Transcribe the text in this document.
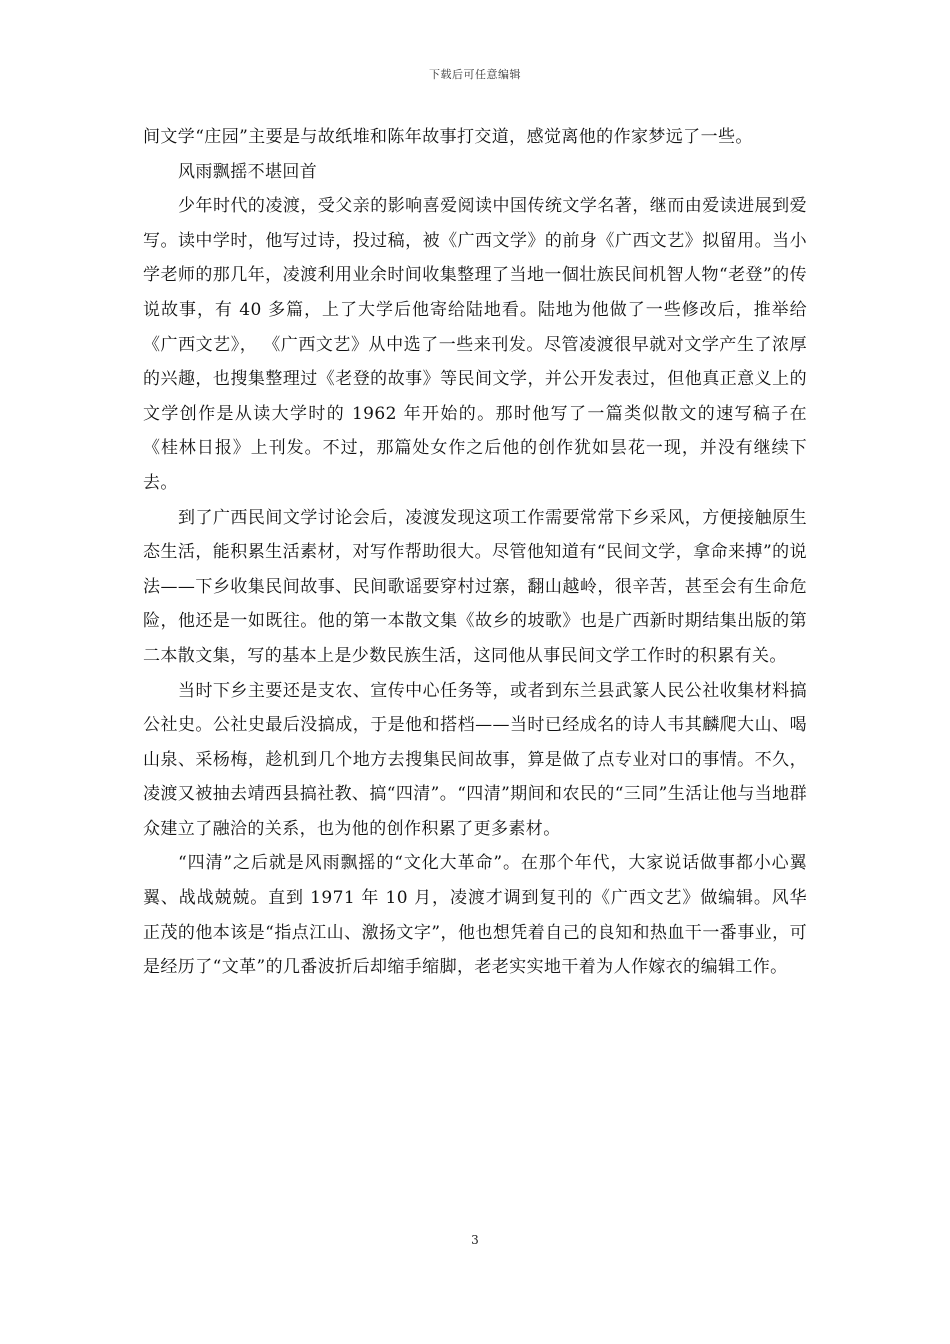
下载后可任意编辑

间文学“庄园”主要是与故纸堆和陈年故事打交道，感觉离他的作家梦远了一些。

风雨飘摇不堪回首

少年时代的凌渡，受父亲的影响喜爱阅读中国传统文学名著，继而由爱读进展到爱写。读中学时，他写过诗，投过稿，被《广西文学》的前身《广西文艺》拟留用。当小学老师的那几年，凌渡利用业余时间收集整理了当地一個壮族民间机智人物“老登”的传说故事，有 40 多篇，上了大学后他寄给陆地看。陆地为他做了一些修改后，推举给《广西文艺》， 《广西文艺》从中选了一些来刊发。尽管凌渡很早就对文学产生了浓厚的兴趣，也搜集整理过《老登的故事》等民间文学，并公开发表过，但他真正意义上的文学创作是从读大学时的 1962 年开始的。那时他写了一篇类似散文的速写稿子在《桂林日报》上刊发。不过，那篇处女作之后他的创作犹如昙花一现，并没有继续下去。

到了广西民间文学讨论会后，凌渡发现这项工作需要常常下乡采风，方便接触原生态生活，能积累生活素材，对写作帮助很大。尽管他知道有“民间文学，拿命来搏”的说法——下乡收集民间故事、民间歌谣要穿村过寨，翻山越岭，很辛苦，甚至会有生命危险，他还是一如既往。他的第一本散文集《故乡的坡歌》也是广西新时期结集出版的第二本散文集，写的基本上是少数民族生活，这同他从事民间文学工作时的积累有关。

当时下乡主要还是支农、宣传中心任务等，或者到东兰县武篆人民公社收集材料搞公社史。公社史最后没搞成，于是他和搭档——当时已经成名的诗人韦其麟爬大山、喝山泉、采杨梅，趁机到几个地方去搜集民间故事，算是做了点专业对口的事情。不久，凌渡又被抽去靖西县搞社教、搞“四清”。“四清”期间和农民的“三同”生活让他与当地群众建立了融洽的关系，也为他的创作积累了更多素材。

“四清”之后就是风雨飘摇的“文化大革命”。在那个年代，大家说话做事都小心翼翼、战战兢兢。直到 1971 年 10 月，凌渡才调到复刊的《广西文艺》做编辑。风华正茂的他本该是“指点江山、激扬文字”，他也想凭着自己的良知和热血干一番事业，可是经历了“文革”的几番波折后却缩手缩脚，老老实实地干着为人作嫁衣的编辑工作。

3
